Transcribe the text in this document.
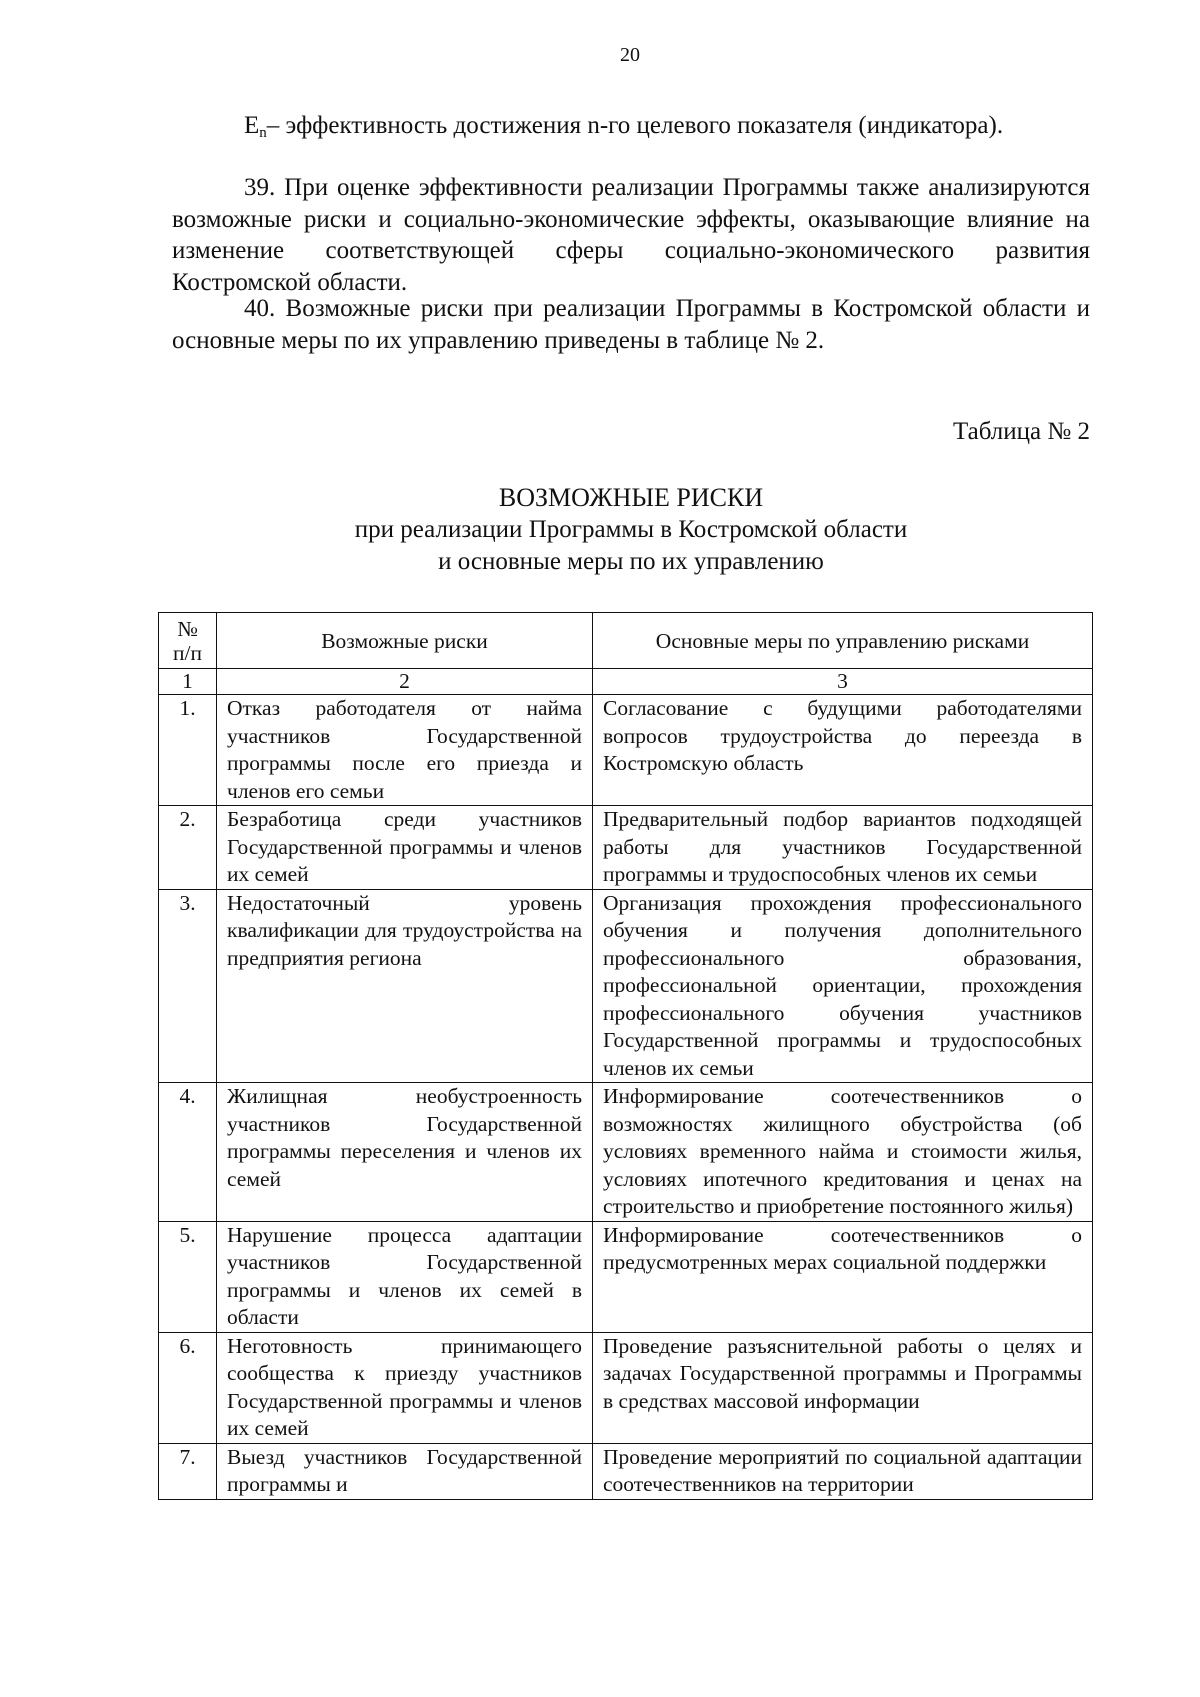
20

$E_n-$ эффективность достижения n-го целевого показателя (индикатора).

39. При оценке эффективности реализации Программы также анализируются возможные риски и социально-экономические эффекты, оказывающие влияние на изменение соответствующей сферы социально-экономического развития Костромской области.

40. Возможные риски при реализации Программы в Костромской области и основные меры по их управлению приведены в таблице № 2.

Таблица № 2
ВОЗМОЖНЫЕ РИСКИ
при реализации Программы в Костромской области
и основные меры по их управлению
№ п/п	Возможные риски	Основные меры по управлению рисками
1	2	3
1.	Отказ работодателя от найма участников Государственной программы после его приезда и членов его семьи	Согласование с будущими работодателями вопросов трудоустройства до переезда в Костромскую область
2.	Безработица среди участников Государственной программы и членов их семей	Предварительный подбор вариантов подходящей работы для участников Государственной программы и трудоспособных членов их семьи
3.	Недостаточный уровень квалификации для трудоустройства на предприятия региона	Организация прохождения профессионального обучения и получения дополнительного профессионального образования, профессиональной ориентации, прохождения профессионального обучения участников Государственной программы и трудоспособных членов их семьи
4.	Жилищная необустроенность участников Государственной программы переселения и членов их семей	Информирование соотечественников о возможностях жилищного обустройства (об условиях временного найма и стоимости жилья, условиях ипотечного кредитования и ценах на строительство и приобретение постоянного жилья)
5.	Нарушение процесса адаптации участников Государственной программы и членов их семей в области	Информирование соотечественников о предусмотренных мерах социальной поддержки
6.	Неготовность принимающего сообщества к приезду участников Государственной программы и членов их семей	Проведение разъяснительной работы о целях и задачах Государственной программы и Программы в средствах массовой информации
7.	Выезд участников Государственной программы и	Проведение мероприятий по социальной адаптации соотечественников на территории
